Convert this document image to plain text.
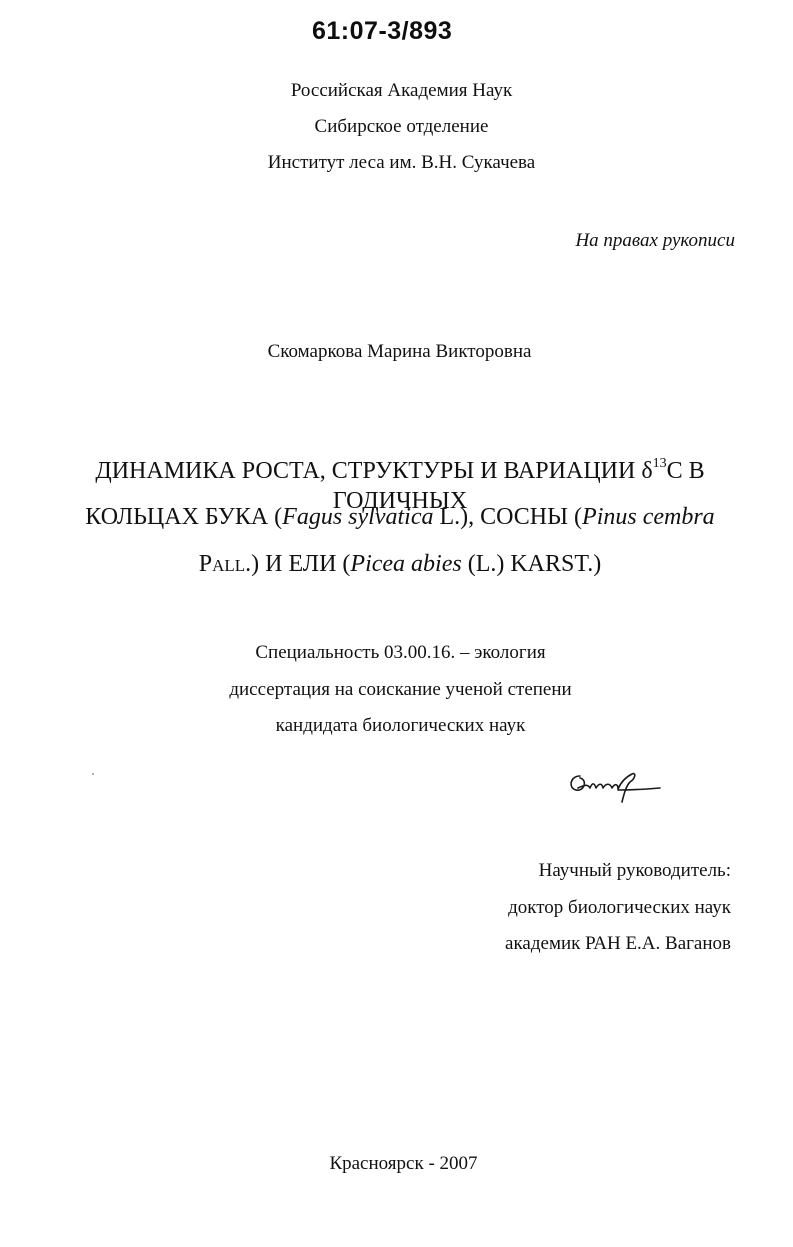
61:07-3/893
Российская Академия Наук
Сибирское отделение
Институт леса им. В.Н. Сукачева
На правах рукописи
Скомаркова Марина Викторовна
ДИНАМИКА РОСТА, СТРУКТУРЫ И ВАРИАЦИИ $\delta^{13}C$ В ГОДИЧНЫХ
КОЛЬЦАХ БУКА (Fagus sylvatica L.), СОСНЫ (Pinus cembra
Pall.) И ЕЛИ (Picea abies (L.) KARST.)
Специальность 03.00.16. – экология
диссертация на соискание ученой степени
кандидата биологических наук
Научный руководитель:
доктор биологических наук
академик РАН Е.А. Ваганов
Красноярск - 2007
